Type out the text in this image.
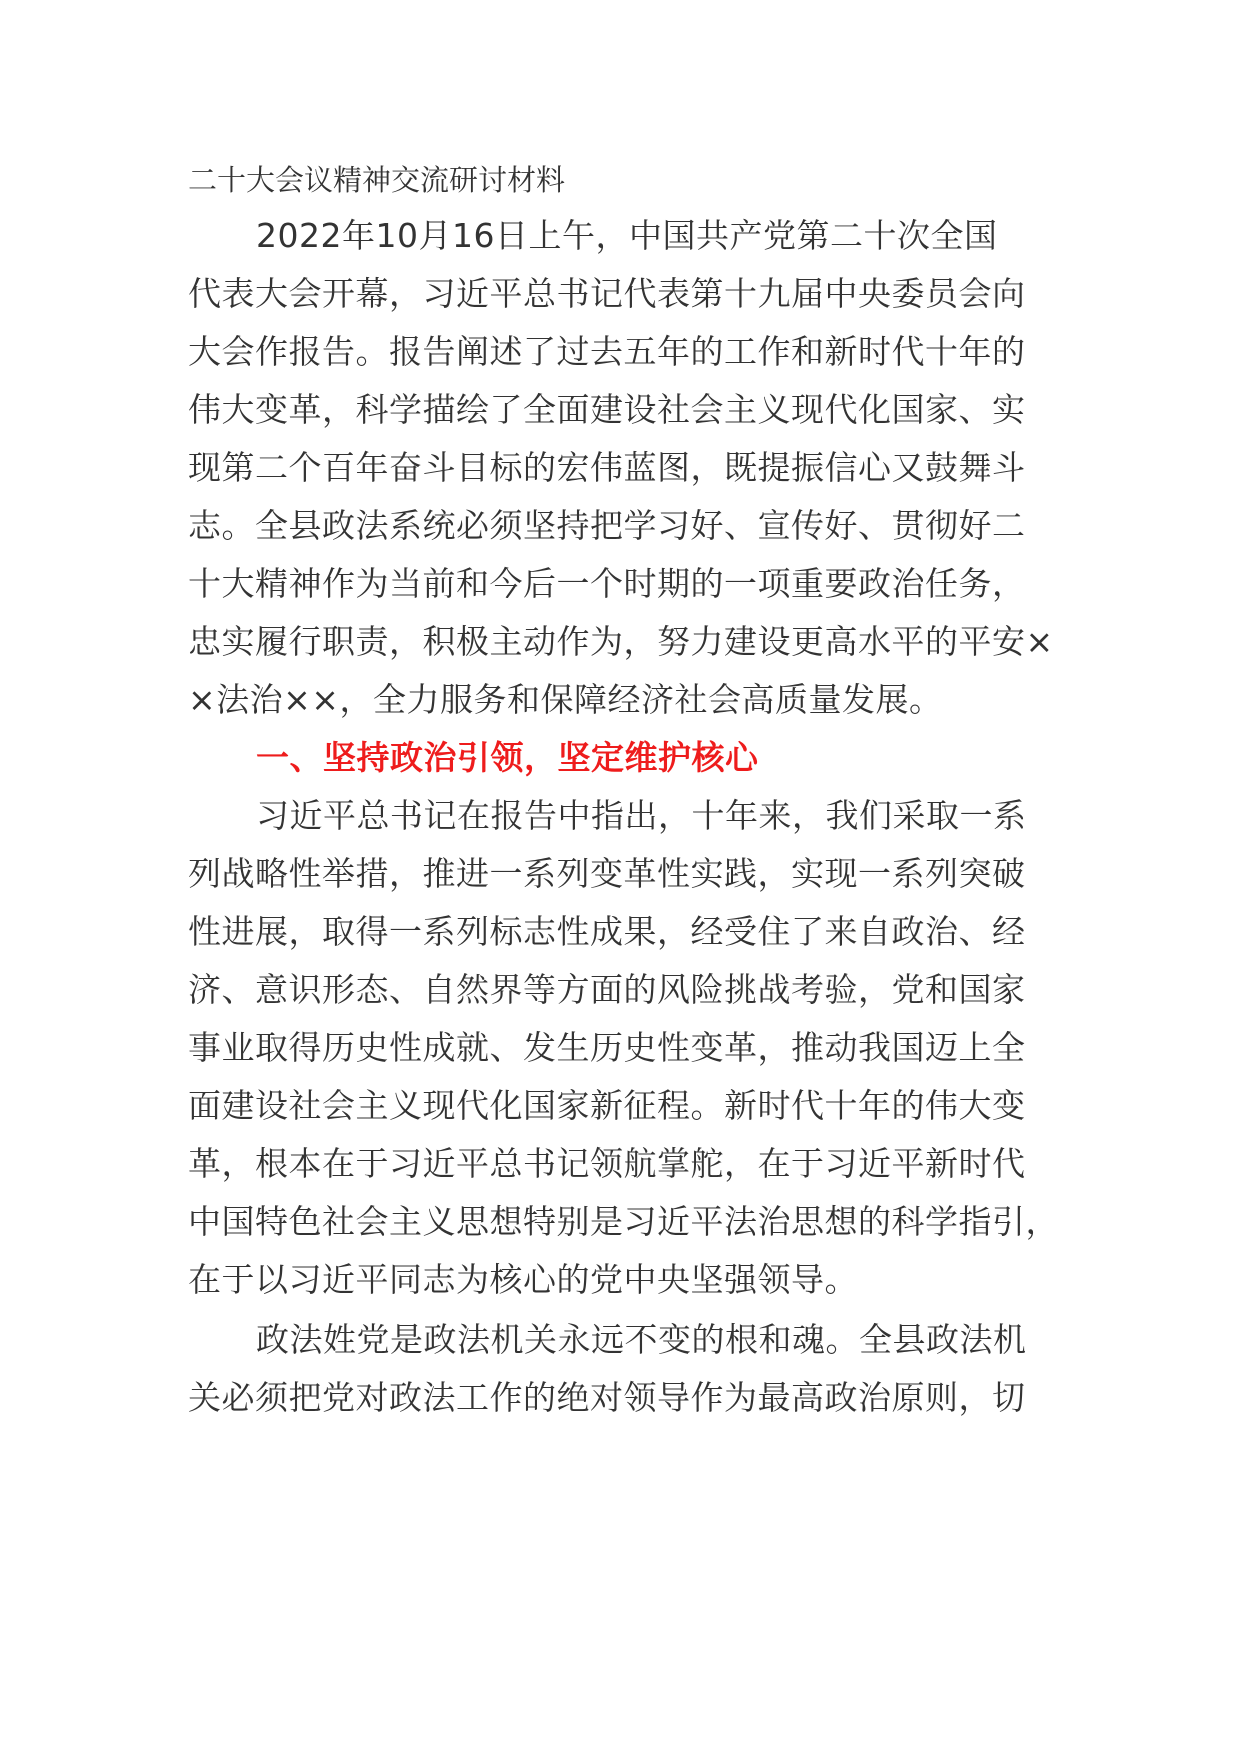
二十大会议精神交流研讨材料
2022年10月16日上午，中国共产党第二十次全国
代表大会开幕，习近平总书记代表第十九届中央委员会向
大会作报告。报告阐述了过去五年的工作和新时代十年的
伟大变革，科学描绘了全面建设社会主义现代化国家、实
现第二个百年奋斗目标的宏伟蓝图，既提振信心又鼓舞斗
志。全县政法系统必须坚持把学习好、宣传好、贯彻好二
十大精神作为当前和今后一个时期的一项重要政治任务，
忠实履行职责，积极主动作为，努力建设更高水平的平安×
×法治××，全力服务和保障经济社会高质量发展。
一、坚持政治引领，坚定维护核心
习近平总书记在报告中指出，十年来，我们采取一系
列战略性举措，推进一系列变革性实践，实现一系列突破
性进展，取得一系列标志性成果，经受住了来自政治、经
济、意识形态、自然界等方面的风险挑战考验，党和国家
事业取得历史性成就、发生历史性变革，推动我国迈上全
面建设社会主义现代化国家新征程。新时代十年的伟大变
革，根本在于习近平总书记领航掌舵，在于习近平新时代
中国特色社会主义思想特别是习近平法治思想的科学指引，
在于以习近平同志为核心的党中央坚强领导。
政法姓党是政法机关永远不变的根和魂。全县政法机
关必须把党对政法工作的绝对领导作为最高政治原则，切
